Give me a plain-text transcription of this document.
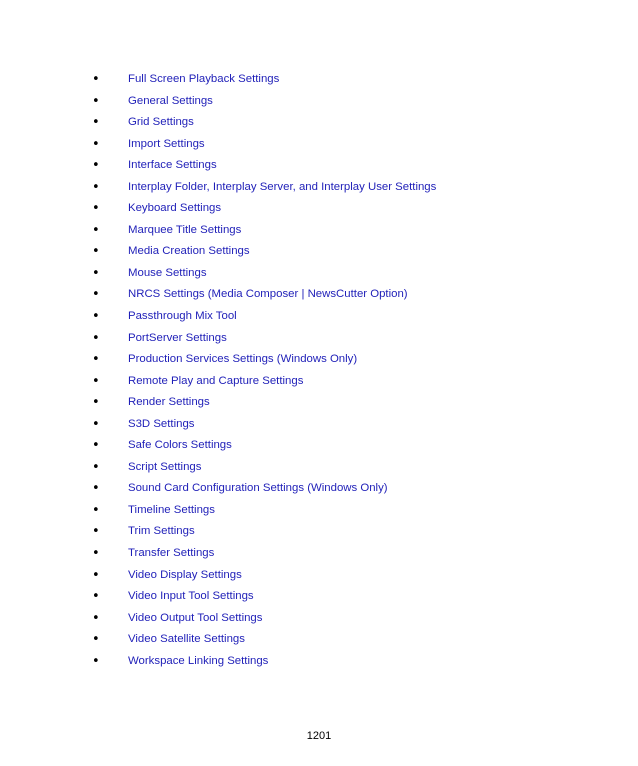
•	Full Screen Playback Settings
•	General Settings
•	Grid Settings
•	Import Settings
•	Interface Settings
•	Interplay Folder, Interplay Server, and Interplay User Settings
•	Keyboard Settings
•	Marquee Title Settings
•	Media Creation Settings
•	Mouse Settings
•	NRCS Settings (Media Composer | NewsCutter Option)
•	Passthrough Mix Tool
•	PortServer Settings
•	Production Services Settings (Windows Only)
•	Remote Play and Capture Settings
•	Render Settings
•	S3D Settings
•	Safe Colors Settings
•	Script Settings
•	Sound Card Configuration Settings (Windows Only)
•	Timeline Settings
•	Trim Settings
•	Transfer Settings
•	Video Display Settings
•	Video Input Tool Settings
•	Video Output Tool Settings
•	Video Satellite Settings
•	Workspace Linking Settings
1201
